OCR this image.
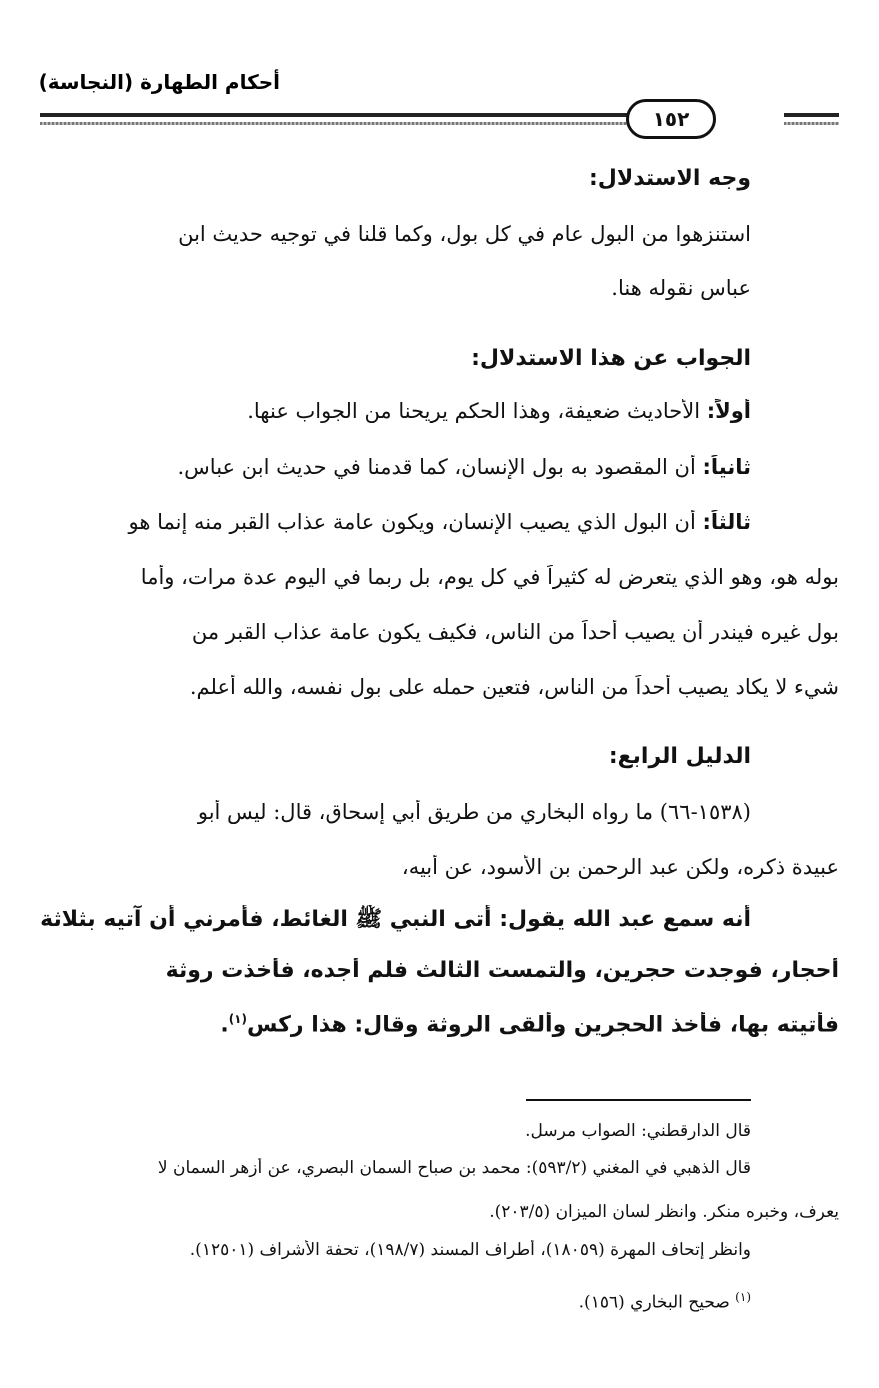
أحكام الطهارة (النجاسة)
١٥٢
وجه الاستدلال:
استنزهوا من البول عام في كل بول، وكما قلنا في توجيه حديث ابن
عباس نقوله هنا.
الجواب عن هذا الاستدلال:
أولاً: الأحاديث ضعيفة، وهذا الحكم يريحنا من الجواب عنها.
ثانياً: أن المقصود به بول الإنسان، كما قدمنا في حديث ابن عباس.
ثالثاً: أن البول الذي يصيب الإنسان، ويكون عامة عذاب القبر منه إنما هو
بوله هو، وهو الذي يتعرض له كثيراً في كل يوم، بل ربما في اليوم عدة مرات، وأما
بول غيره فيندر أن يصيب أحداً من الناس، فكيف يكون عامة عذاب القبر من
شيء لا يكاد يصيب أحداً من الناس، فتعين حمله على بول نفسه، والله أعلم.
الدليل الرابع:
(١٥٣٨-٦٦) ما رواه البخاري من طريق أبي إسحاق، قال: ليس أبو
عبيدة ذكره، ولكن عبد الرحمن بن الأسود، عن أبيه،
أنه سمع عبد الله يقول: أتى النبي ﷺ الغائط، فأمرني أن آتيه بثلاثة
أحجار، فوجدت حجرين، والتمست الثالث فلم أجده، فأخذت روثة
فأتيته بها، فأخذ الحجرين وألقى الروثة وقال: هذا ركس$^{(١)}$.
قال الدارقطني: الصواب مرسل.
قال الذهبي في المغني (٥٩٣/٢): محمد بن صباح السمان البصري، عن أزهر السمان لا
يعرف، وخبره منكر. وانظر لسان الميزان (٢٠٣/٥).
وانظر إتحاف المهرة (١٨٠٥٩)، أطراف المسند (١٩٨/٧)، تحفة الأشراف (١٢٥٠١).
$^{(١)}$ صحيح البخاري (١٥٦).
